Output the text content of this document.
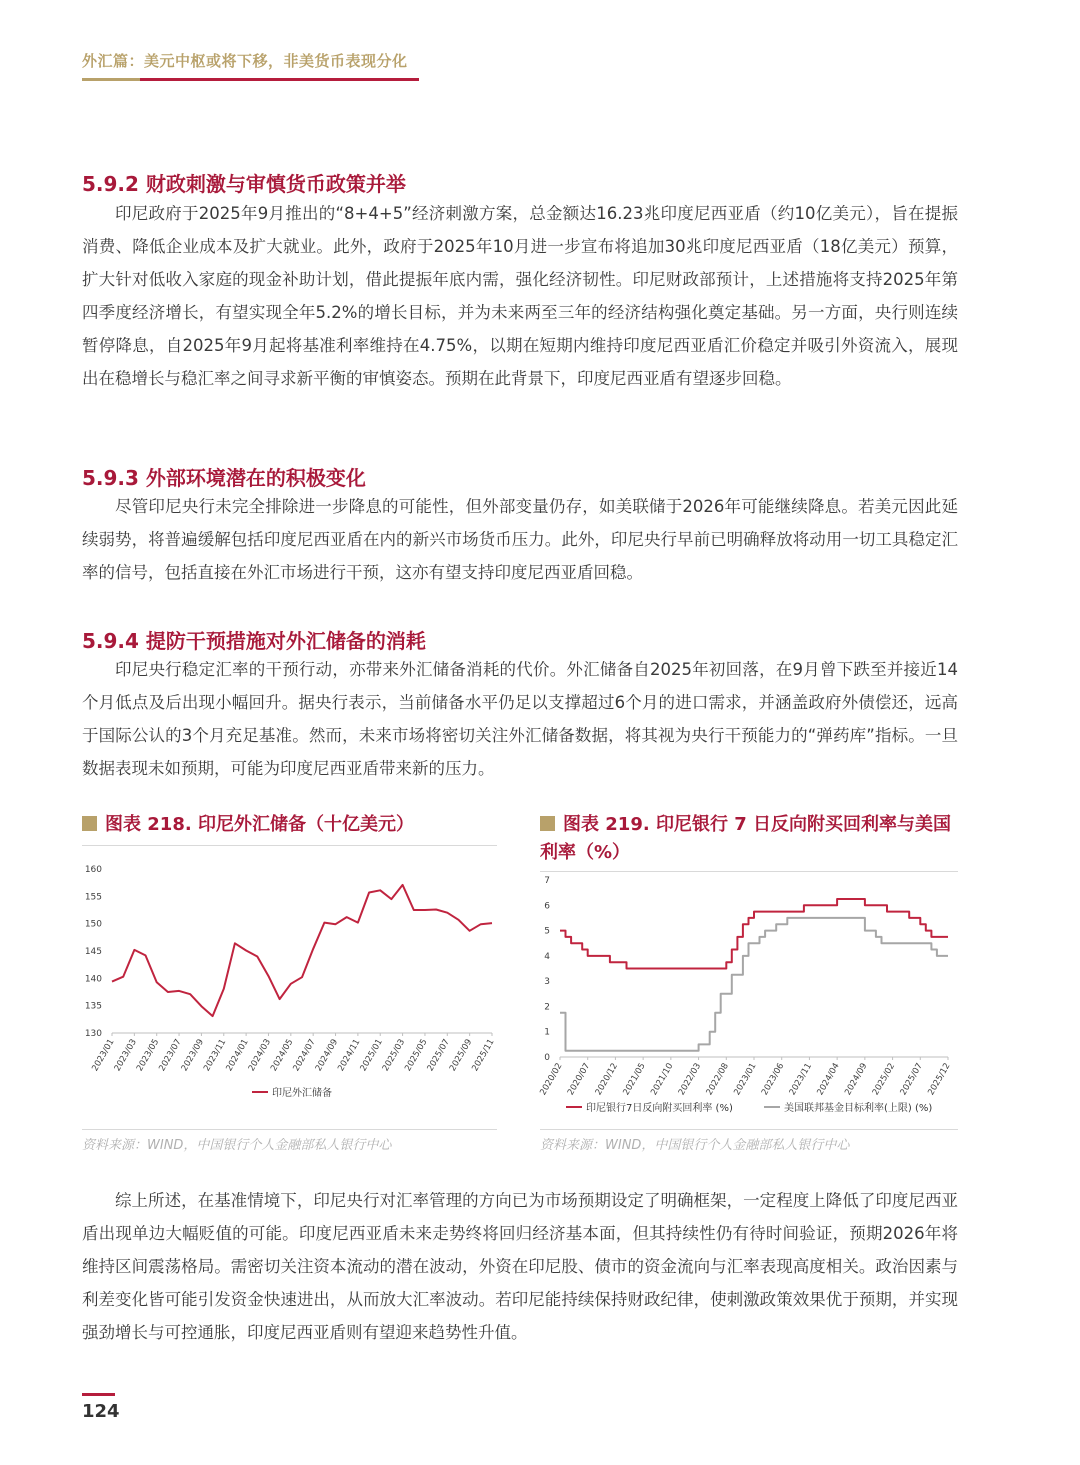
外汇篇：美元中枢或将下移，非美货币表现分化
5.9.2 财政刺激与审慎货币政策并举

印尼政府于2025年9月推出的“8+4+5”经济刺激方案，总金额达16.23兆印度尼西亚盾（约10亿美元），旨在提振消费、降低企业成本及扩大就业。此外，政府于2025年10月进一步宣布将追加30兆印度尼西亚盾（18亿美元）预算，扩大针对低收入家庭的现金补助计划，借此提振年底内需，强化经济韧性。印尼财政部预计，上述措施将支持2025年第四季度经济增长，有望实现全年5.2%的增长目标，并为未来两至三年的经济结构强化奠定基础。另一方面，央行则连续暂停降息，自2025年9月起将基准利率维持在4.75%，以期在短期内维持印度尼西亚盾汇价稳定并吸引外资流入，展现出在稳增长与稳汇率之间寻求新平衡的审慎姿态。预期在此背景下，印度尼西亚盾有望逐步回稳。

5.9.3 外部环境潜在的积极变化

尽管印尼央行未完全排除进一步降息的可能性，但外部变量仍存，如美联储于2026年可能继续降息。若美元因此延续弱势，将普遍缓解包括印度尼西亚盾在内的新兴市场货币压力。此外，印尼央行早前已明确释放将动用一切工具稳定汇率的信号，包括直接在外汇市场进行干预，这亦有望支持印度尼西亚盾回稳。

5.9.4 提防干预措施对外汇储备的消耗

印尼央行稳定汇率的干预行动，亦带来外汇储备消耗的代价。外汇储备自2025年初回落，在9月曾下跌至并接近14个月低点及后出现小幅回升。据央行表示，当前储备水平仍足以支撑超过6个月的进口需求，并涵盖政府外债偿还，远高于国际公认的3个月充足基准。然而，未来市场将密切关注外汇储备数据，将其视为央行干预能力的“弹药库”指标。一旦数据表现未如预期，可能为印度尼西亚盾带来新的压力。

图表 218. 印尼外汇储备（十亿美元）
130
135
140
145
150
155
160
2023/01
2023/03
2023/05
2023/07
2023/09
2023/11
2024/01
2024/03
2024/05
2024/07
2024/09
2024/11
2025/01
2025/03
2025/05
2025/07
2025/09
2025/11
印尼外汇储备
资料来源：WIND，中国银行个人金融部私人银行中心
图表 219. 印尼银行 7 日反向附买回利率与美国利率（%）
0
1
2
3
4
5
6
7
2020/02 2020/07 2020/12 2021/05 2021/10 2022/03 2022/08 2023/01 2023/06 2023/11 2024/04 2024/09 2025/02 2025/07 2025/12
印尼银行7日反向附买回利率 (%)	美国联邦基金目标利率(上限) (%)
资料来源：WIND，中国银行个人金融部私人银行中心

综上所述，在基准情境下，印尼央行对汇率管理的方向已为市场预期设定了明确框架，一定程度上降低了印度尼西亚盾出现单边大幅贬值的可能。印度尼西亚盾未来走势终将回归经济基本面，但其持续性仍有待时间验证，预期2026年将维持区间震荡格局。需密切关注资本流动的潜在波动，外资在印尼股、债市的资金流向与汇率表现高度相关。政治因素与利差变化皆可能引发资金快速进出，从而放大汇率波动。若印尼能持续保持财政纪律，使刺激政策效果优于预期，并实现强劲增长与可控通胀，印度尼西亚盾则有望迎来趋势性升值。

124
